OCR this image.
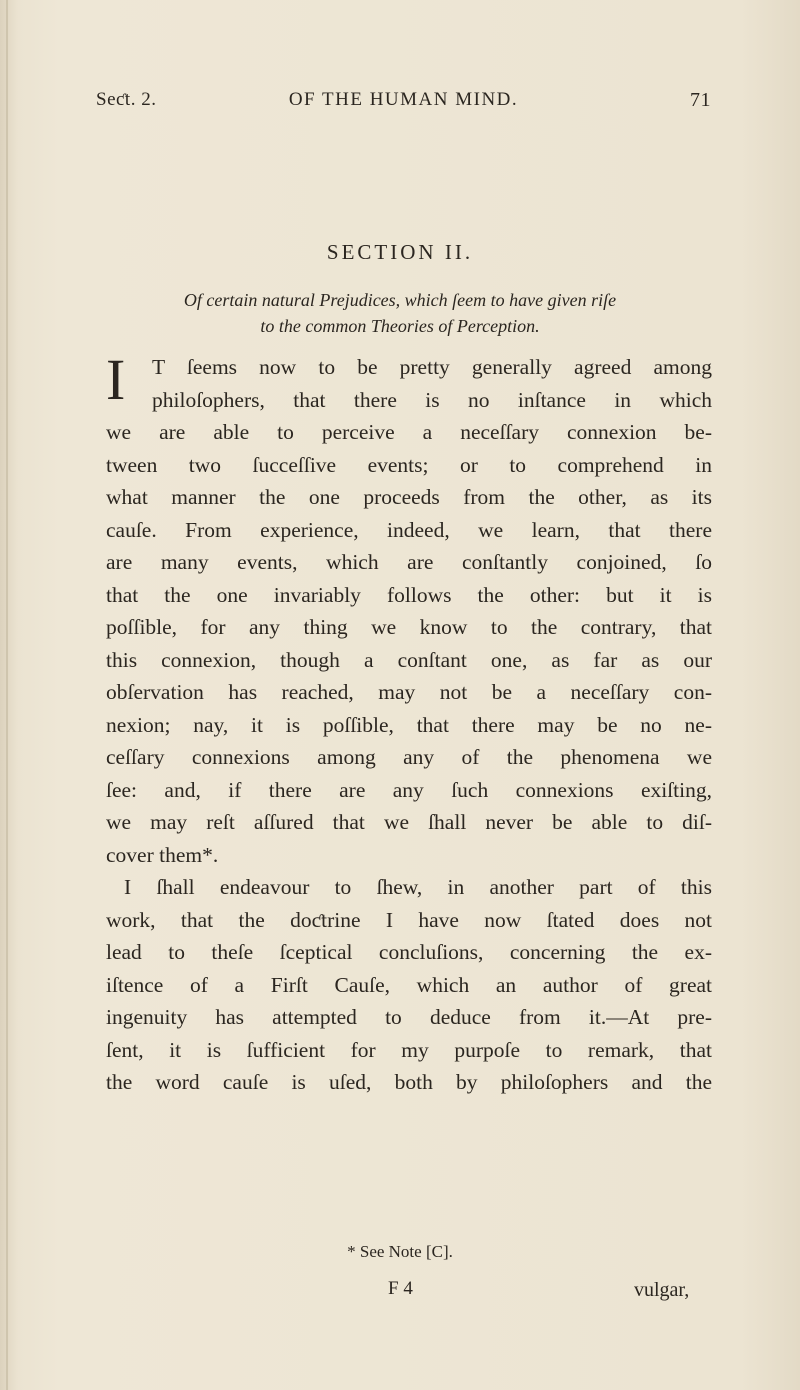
Seƈt. 2.	OF THE HUMAN MIND.	71
SECTION II.
Of certain natural Prejudices, which ſeem to have given riſe
to the common Theories of Perception.
I	T ſeems now to be pretty generally agreed among
philoſophers, that there is no inſtance in which
we are able to perceive a neceſſary connexion be-
tween two ſucceſſive events; or to comprehend in
what manner the one proceeds from the other, as its
cauſe. From experience, indeed, we learn, that there
are many events, which are conſtantly conjoined, ſo
that the one invariably follows the other: but it is
poſſible, for any thing we know to the contrary, that
this connexion, though a conſtant one, as far as our
obſervation has reached, may not be a neceſſary con-
nexion; nay, it is poſſible, that there may be no ne-
ceſſary connexions among any of the phenomena we
ſee: and, if there are any ſuch connexions exiſting,
we may reſt aſſured that we ſhall never be able to diſ-
cover them*.
I ſhall endeavour to ſhew, in another part of this
work, that the doƈtrine I have now ſtated does not
lead to theſe ſceptical concluſions, concerning the ex-
iſtence of a Firſt Cauſe, which an author of great
ingenuity has attempted to deduce from it.—At pre-
ſent, it is ſufficient for my purpoſe to remark, that
the word cauſe is uſed, both by philoſophers and the
* See Note [C].
F 4	vulgar,
